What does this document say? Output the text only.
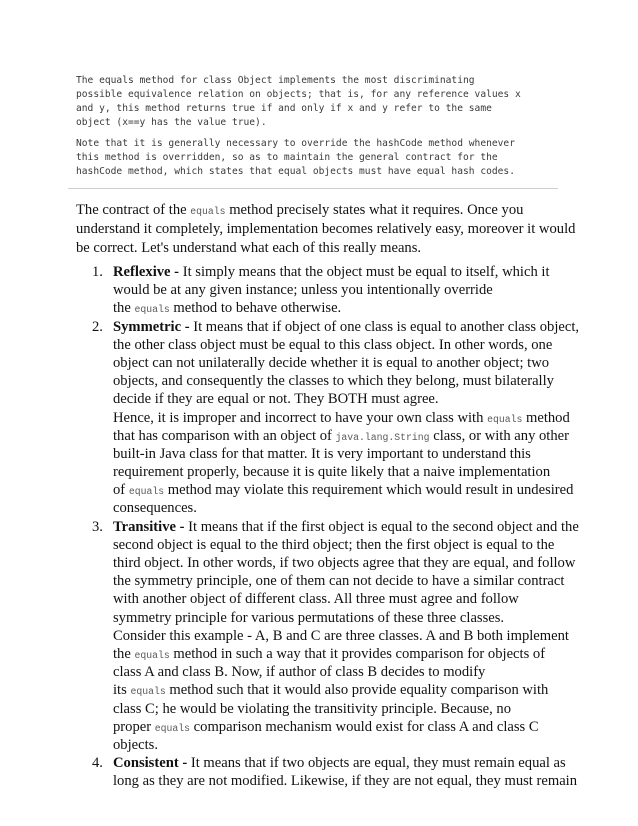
The equals method for class Object implements the most discriminating
possible equivalence relation on objects; that is, for any reference values x
and y, this method returns true if and only if x and y refer to the same
object (x==y has the value true).
Note that it is generally necessary to override the hashCode method whenever
this method is overridden, so as to maintain the general contract for the
hashCode method, which states that equal objects must have equal hash codes.
The contract of the equals method precisely states what it requires. Once you
understand it completely, implementation becomes relatively easy, moreover it would
be correct. Let's understand what each of this really means.
1. Reflexive - It simply means that the object must be equal to itself, which it
would be at any given instance; unless you intentionally override
the equals method to behave otherwise.
2. Symmetric - It means that if object of one class is equal to another class object,
the other class object must be equal to this class object. In other words, one
object can not unilaterally decide whether it is equal to another object; two
objects, and consequently the classes to which they belong, must bilaterally
decide if they are equal or not. They BOTH must agree.
Hence, it is improper and incorrect to have your own class with equals method
that has comparison with an object of java.lang.String class, or with any other
built-in Java class for that matter. It is very important to understand this
requirement properly, because it is quite likely that a naive implementation
of equals method may violate this requirement which would result in undesired
consequences.
3. Transitive - It means that if the first object is equal to the second object and the
second object is equal to the third object; then the first object is equal to the
third object. In other words, if two objects agree that they are equal, and follow
the symmetry principle, one of them can not decide to have a similar contract
with another object of different class. All three must agree and follow
symmetry principle for various permutations of these three classes.
Consider this example - A, B and C are three classes. A and B both implement
the equals method in such a way that it provides comparison for objects of
class A and class B. Now, if author of class B decides to modify
its equals method such that it would also provide equality comparison with
class C; he would be violating the transitivity principle. Because, no
proper equals comparison mechanism would exist for class A and class C
objects.
4. Consistent - It means that if two objects are equal, they must remain equal as
long as they are not modified. Likewise, if they are not equal, they must remain
